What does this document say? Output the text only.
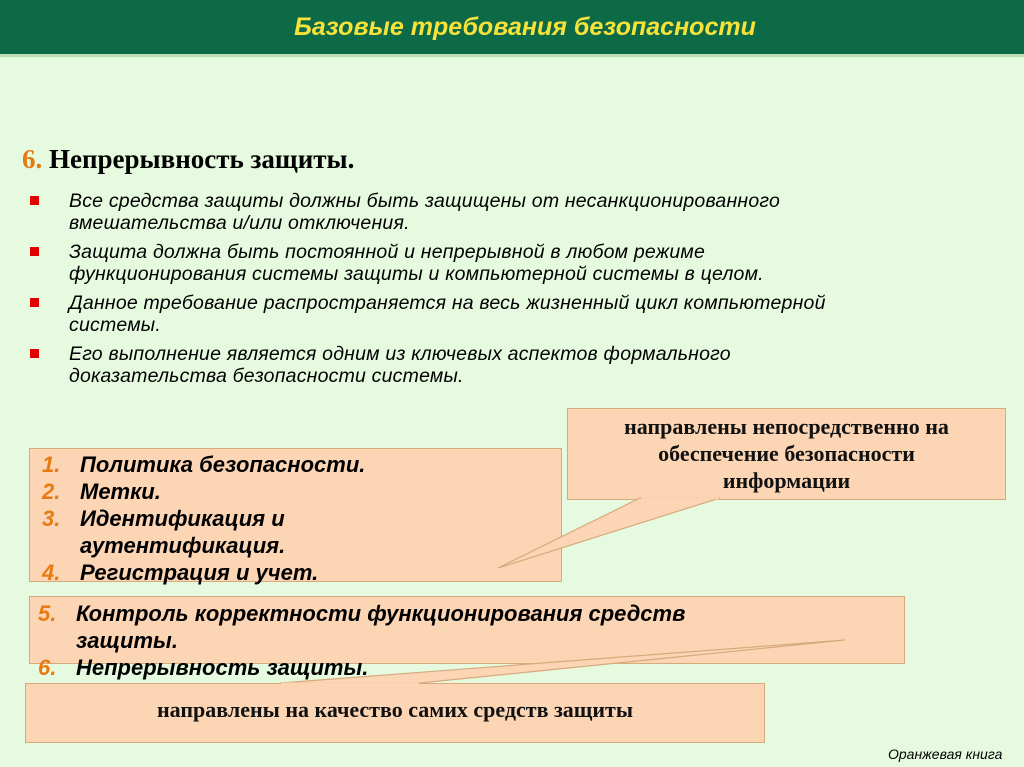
Базовые требования безопасности
6. Непрерывность защиты.
Все средства защиты должны быть защищены от несанкционированного
вмешательства и/или отключения.
Защита должна быть постоянной и непрерывной в любом режиме
функционирования системы защиты и компьютерной системы в целом.
Данное требование распространяется на весь жизненный цикл компьютерной
системы.
Его выполнение является одним из ключевых аспектов формального
доказательства безопасности системы.
1. Политика безопасности.
2. Метки.
3. Идентификация и
аутентификация.
4. Регистрация и учет.
5. Контроль корректности функционирования средств
защиты.
6. Непрерывность защиты.
направлены непосредственно на
обеспечение безопасности
информации
направлены на качество самих средств защиты
Оранжевая книга
